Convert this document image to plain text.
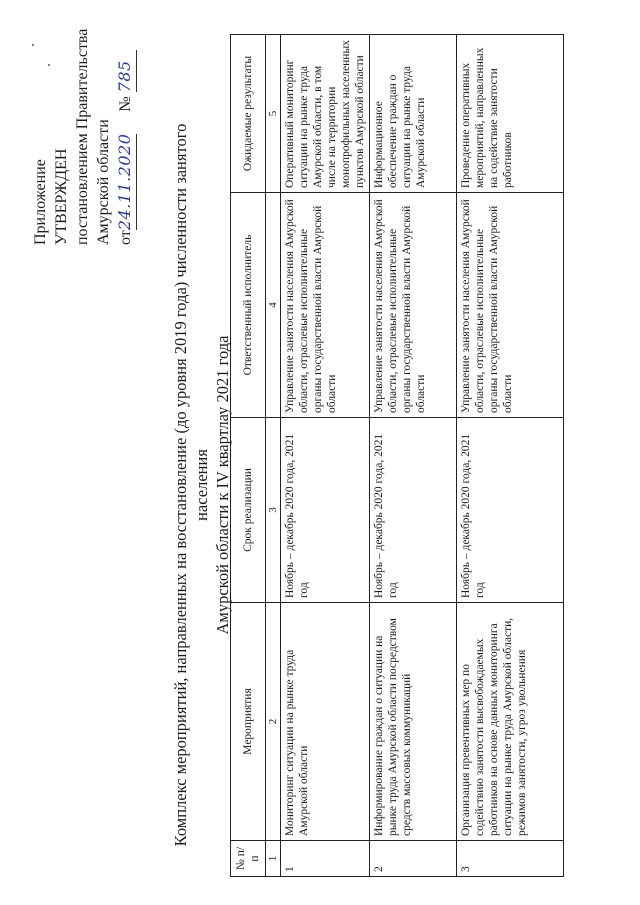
Приложение УТВЕРЖДЕН постановлением Правительства Амурской области от24.11.2020 № 785
Комплекс мероприятий, направленных на восстановление (до уровня 2019 года) численности занятого населения Амурской области к IV квартлау 2021 года
№ п/п	Мероприятия	Срок реализации	Ответственный исполнитель	Ожидаемые результаты
1	2	3	4	5
1	Мониторинг ситуации на рынке труда Амурской области	Ноябрь – декабрь 2020 года, 2021 год	Управление занятости населения Амурской области, отраслевые исполнительные органы государственной власти Амурской области	Оперативный мониторинг ситуации на рынке труда Амурской области, в том числе на территории монопрофильных населенных пунктов Амурской области
2	Информирование граждан о ситуации на рынке труда Амурской области посредством средств массовых коммуникаций	Ноябрь – декабрь 2020 года, 2021 год	Управление занятости населения Амурской области, отраслевые исполнительные органы государственной власти Амурской области	Информационное обеспечение граждан о ситуации на рынке труда Амурской области
3	Организация превентивных мер по содействию занятости высвобождаемых работников на основе данных мониторинга ситуации на рынке труда Амурской области, режимов занятости, угроз увольнения	Ноябрь – декабрь 2020 года, 2021 год	Управление занятости населения Амурской области, отраслевые исполнительные органы государственной власти Амурской области	Проведение оперативных мероприятий, направленных на содействие занятости работников
